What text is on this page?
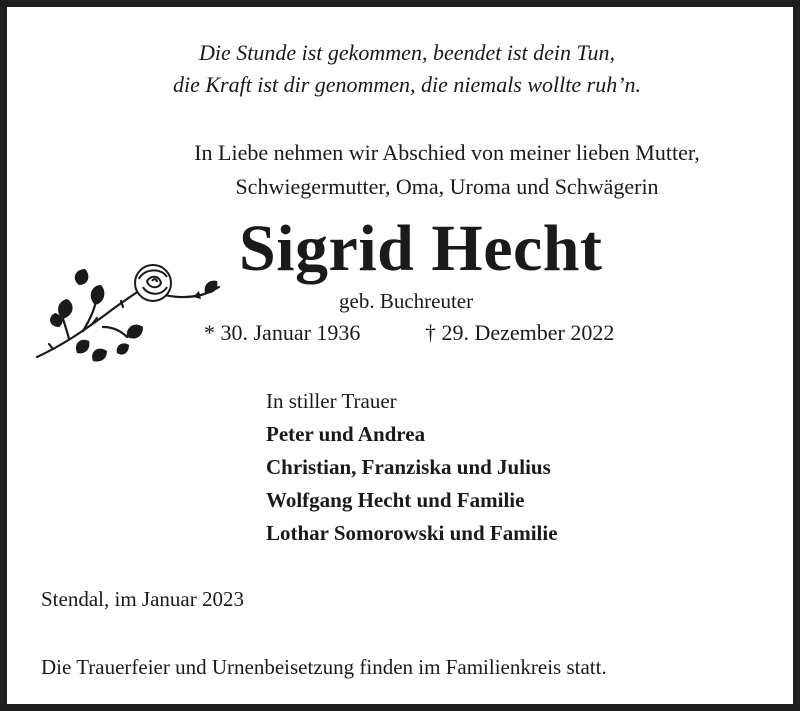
Die Stunde ist gekommen, beendet ist dein Tun,
die Kraft ist dir genommen, die niemals wollte ruh’n.
In Liebe nehmen wir Abschied von meiner lieben Mutter,
Schwiegermutter, Oma, Uroma und Schwägerin
Sigrid Hecht
geb. Buchreuter
* 30. Januar 1936	† 29. Dezember 2022
In stiller Trauer
Peter und Andrea
Christian, Franziska und Julius
Wolfgang Hecht und Familie
Lothar Somorowski und Familie
Stendal, im Januar 2023
Die Trauerfeier und Urnenbeisetzung finden im Familienkreis statt.
